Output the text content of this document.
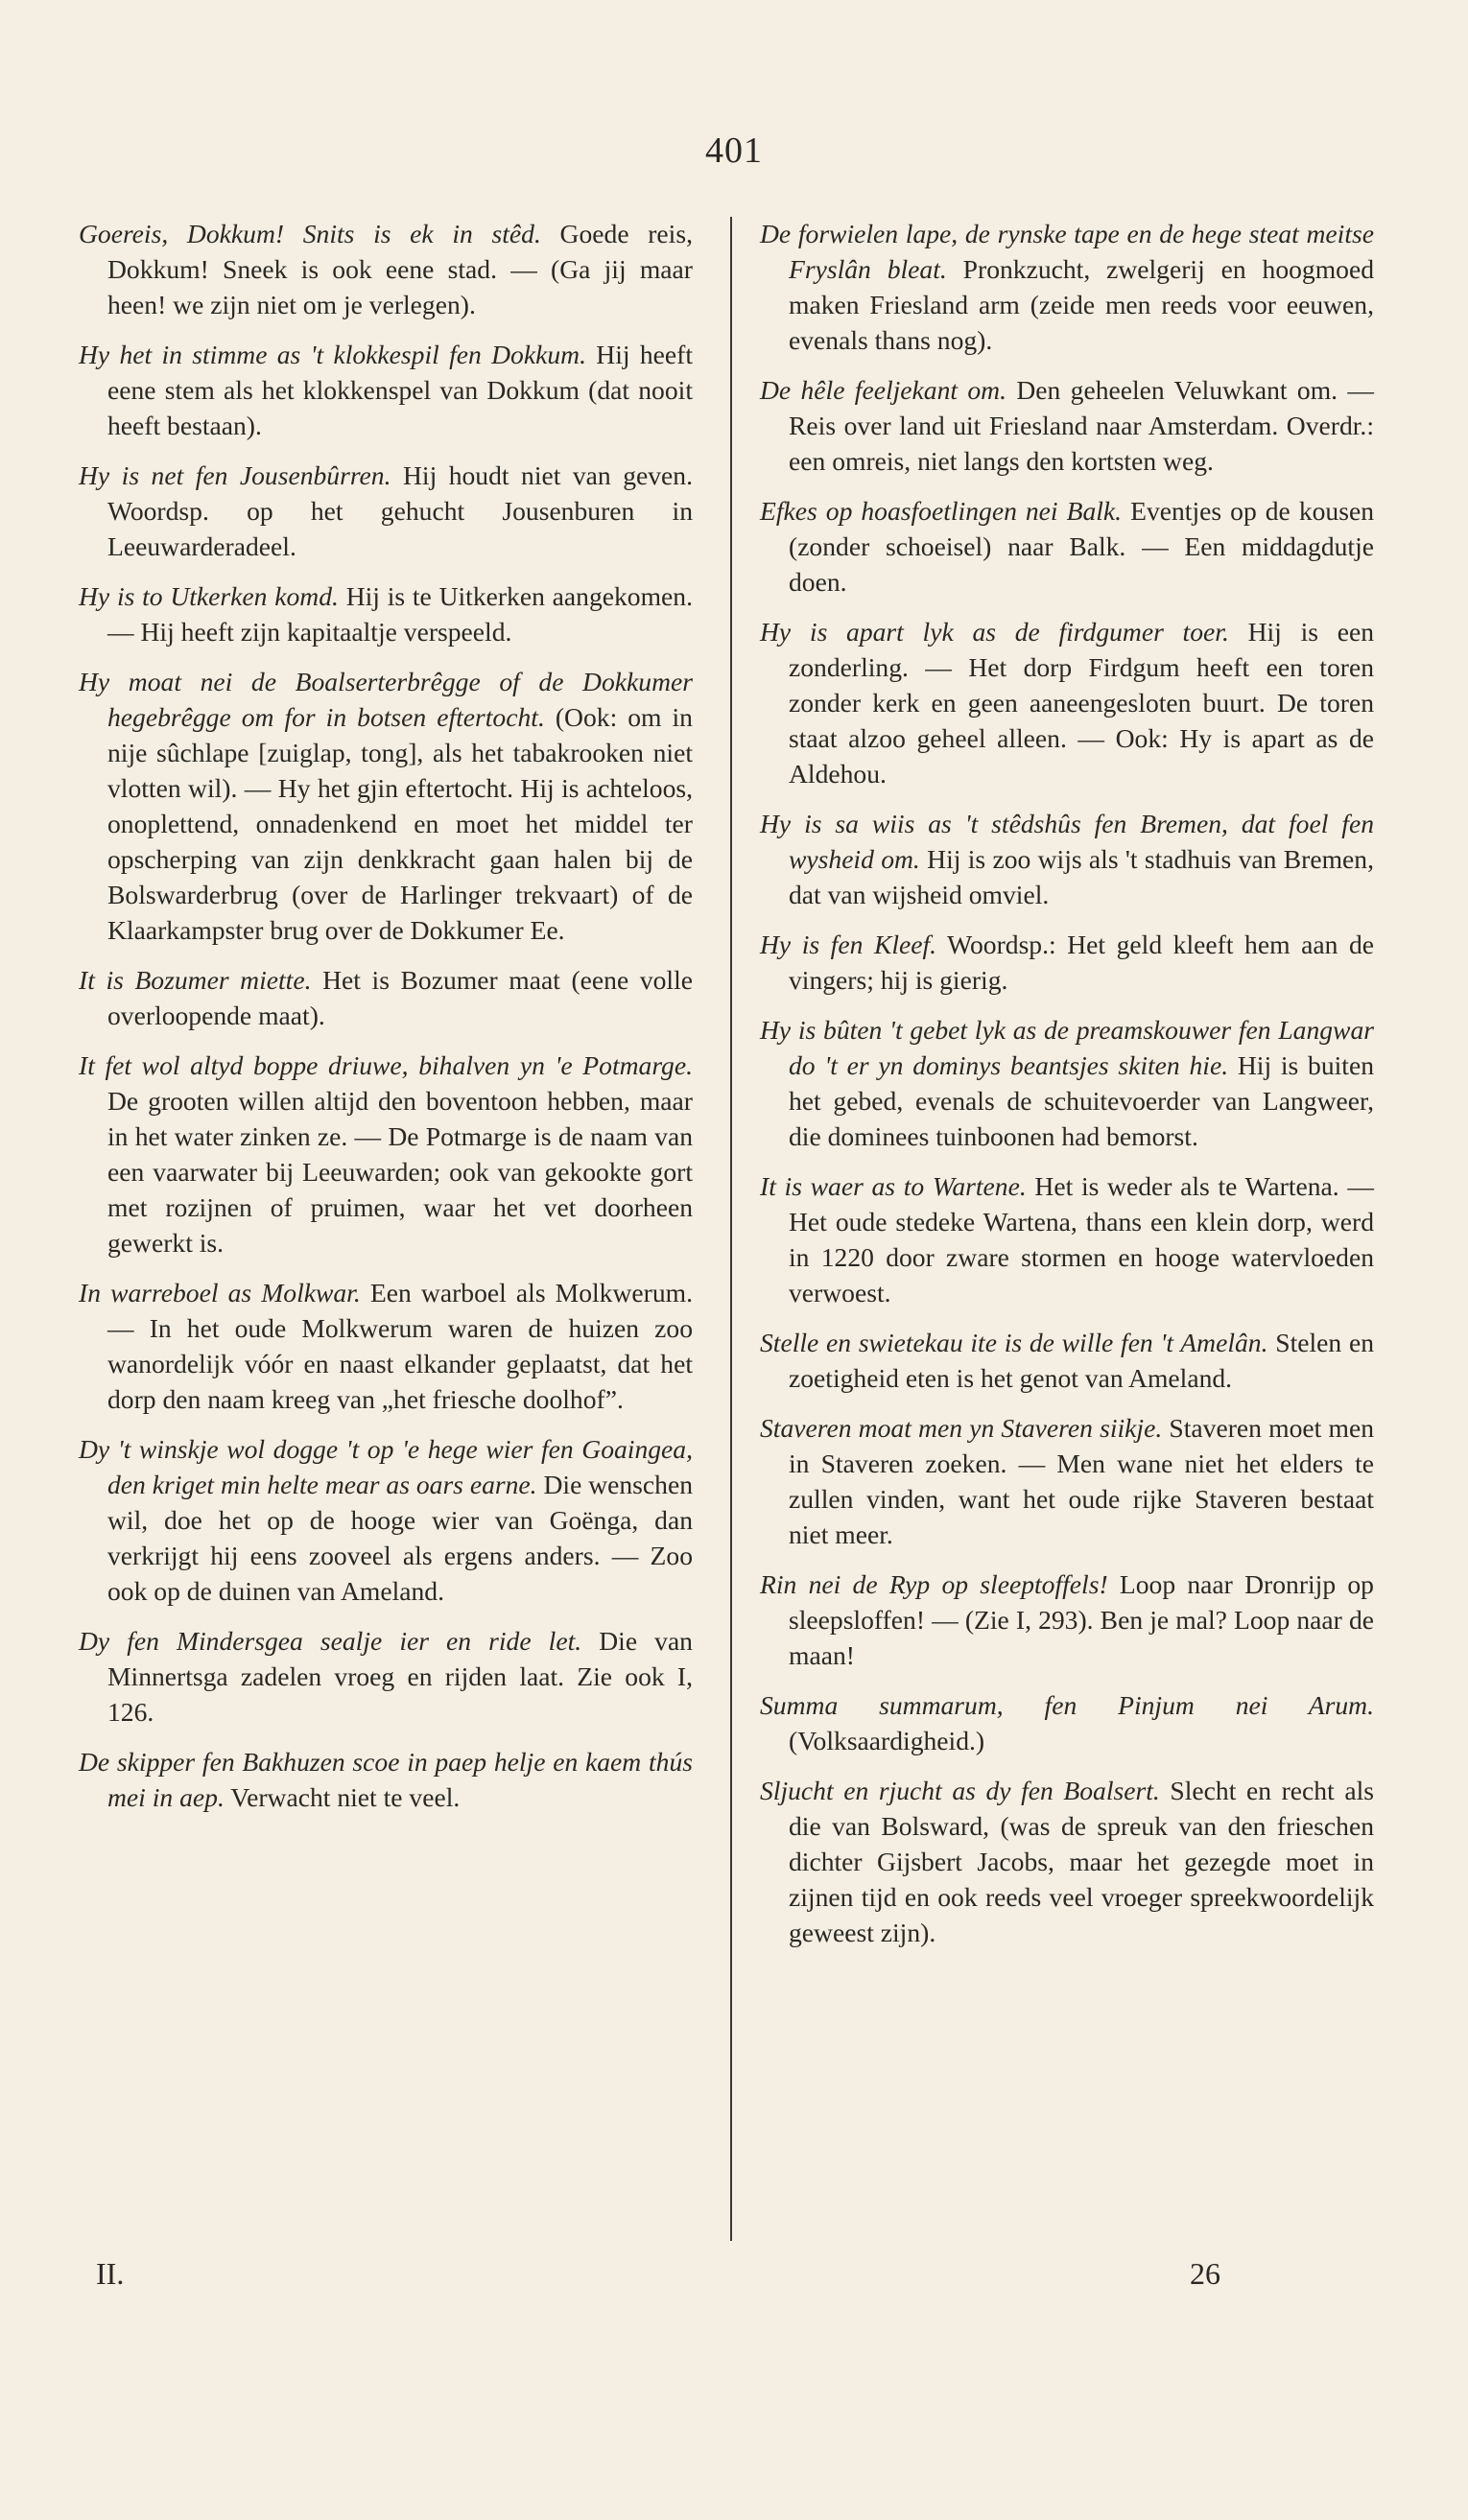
401

Goereis, Dokkum! Snits is ek in stêd. Goede reis, Dokkum! Sneek is ook eene stad. — (Ga jij maar heen! we zijn niet om je verlegen).

Hy het in stimme as 't klokkespil fen Dokkum. Hij heeft eene stem als het klokkenspel van Dokkum (dat nooit heeft bestaan).

Hy is net fen Jousenbûrren. Hij houdt niet van geven. Woordsp. op het gehucht Jousenburen in Leeuwarderadeel.

Hy is to Utkerken komd. Hij is te Uitkerken aangekomen. — Hij heeft zijn kapitaaltje verspeeld.

Hy moat nei de Boalserterbrêgge of de Dokkumer hegebrêgge om for in botsen eftertocht. (Ook: om in nije sûchlape [zuiglap, tong], als het tabakrooken niet vlotten wil). — Hy het gjin eftertocht. Hij is achteloos, onoplettend, onnadenkend en moet het middel ter opscherping van zijn denkkracht gaan halen bij de Bolswarderbrug (over de Harlinger trekvaart) of de Klaarkampster brug over de Dokkumer Ee.

It is Bozumer miette. Het is Bozumer maat (eene volle overloopende maat).

It fet wol altyd boppe driuwe, bihalven yn 'e Potmarge. De grooten willen altijd den boventoon hebben, maar in het water zinken ze. — De Potmarge is de naam van een vaarwater bij Leeuwarden; ook van gekookte gort met rozijnen of pruimen, waar het vet doorheen gewerkt is.

In warreboel as Molkwar. Een warboel als Molkwerum. — In het oude Molkwerum waren de huizen zoo wanordelijk vóór en naast elkander geplaatst, dat het dorp den naam kreeg van „het friesche doolhof”.

Dy 't winskje wol dogge 't op 'e hege wier fen Goaingea, den kriget min helte mear as oars earne. Die wenschen wil, doe het op de hooge wier van Goënga, dan verkrijgt hij eens zooveel als ergens anders. — Zoo ook op de duinen van Ameland.

Dy fen Mindersgea sealje ier en ride let. Die van Minnertsga zadelen vroeg en rijden laat. Zie ook I, 126.

De skipper fen Bakhuzen scoe in paep helje en kaem thús mei in aep. Verwacht niet te veel.

De forwielen lape, de rynske tape en de hege steat meitse Fryslân bleat. Pronkzucht, zwelgerij en hoogmoed maken Friesland arm (zeide men reeds voor eeuwen, evenals thans nog).

De hêle feeljekant om. Den geheelen Veluwkant om. — Reis over land uit Friesland naar Amsterdam. Overdr.: een omreis, niet langs den kortsten weg.

Efkes op hoasfoetlingen nei Balk. Eventjes op de kousen (zonder schoeisel) naar Balk. — Een middagdutje doen.

Hy is apart lyk as de firdgumer toer. Hij is een zonderling. — Het dorp Firdgum heeft een toren zonder kerk en geen aaneengesloten buurt. De toren staat alzoo geheel alleen. — Ook: Hy is apart as de Aldehou.

Hy is sa wiis as 't stêdshûs fen Bremen, dat foel fen wysheid om. Hij is zoo wijs als 't stadhuis van Bremen, dat van wijsheid omviel.

Hy is fen Kleef. Woordsp.: Het geld kleeft hem aan de vingers; hij is gierig.

Hy is bûten 't gebet lyk as de preamskouwer fen Langwar do 't er yn dominys beantsjes skiten hie. Hij is buiten het gebed, evenals de schuitevoerder van Langweer, die dominees tuinboonen had bemorst.

It is waer as to Wartene. Het is weder als te Wartena. — Het oude stedeke Wartena, thans een klein dorp, werd in 1220 door zware stormen en hooge watervloeden verwoest.

Stelle en swietekau ite is de wille fen 't Amelân. Stelen en zoetigheid eten is het genot van Ameland.

Staveren moat men yn Staveren siikje. Staveren moet men in Staveren zoeken. — Men wane niet het elders te zullen vinden, want het oude rijke Staveren bestaat niet meer.

Rin nei de Ryp op sleeptoffels! Loop naar Dronrijp op sleepsloffen! — (Zie I, 293). Ben je mal? Loop naar de maan!

Summa summarum, fen Pinjum nei Arum. (Volksaardigheid.)

Sljucht en rjucht as dy fen Boalsert. Slecht en recht als die van Bolsward, (was de spreuk van den frieschen dichter Gijsbert Jacobs, maar het gezegde moet in zijnen tijd en ook reeds veel vroeger spreekwoordelijk geweest zijn).

II.	26
